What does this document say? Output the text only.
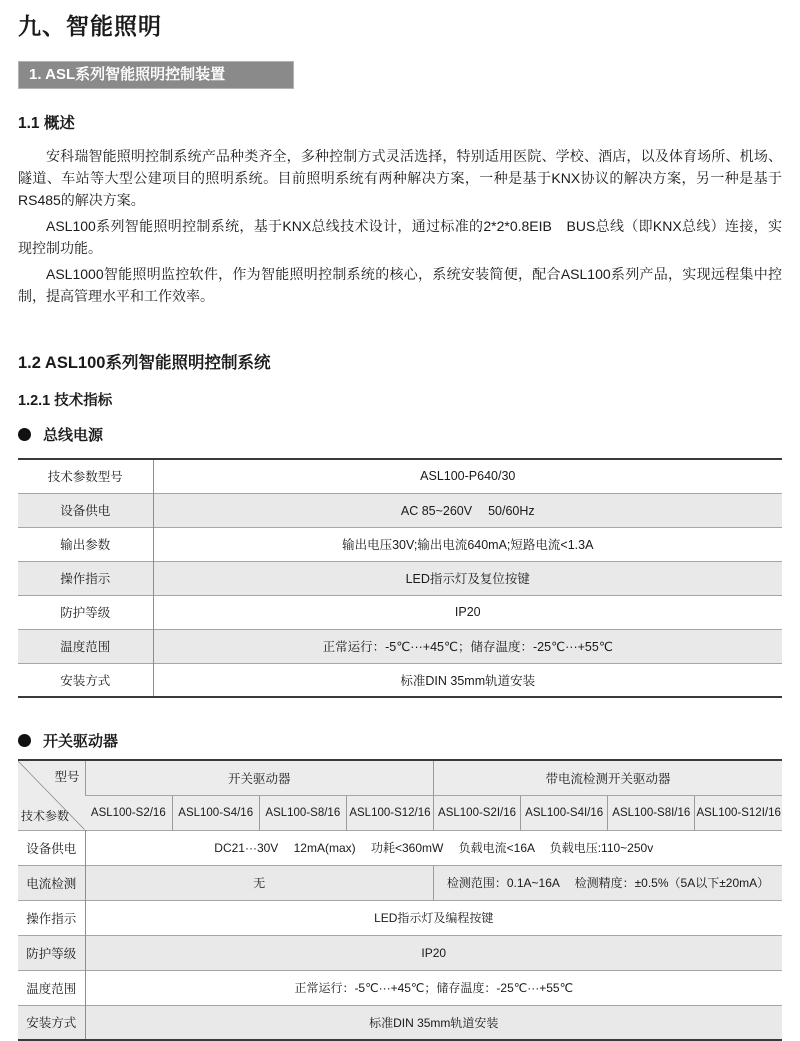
九、智能照明
1. ASL系列智能照明控制装置
1.1 概述

安科瑞智能照明控制系统产品种类齐全，多种控制方式灵活选择，特别适用医院、学校、酒店，以及体育场所、机场、隧道、车站等大型公建项目的照明系统。目前照明系统有两种解决方案，一种是基于KNX协议的解决方案，另一种是基于RS485的解决方案。

ASL100系列智能照明控制系统，基于KNX总线技术设计，通过标准的2*2*0.8EIB　BUS总线（即KNX总线）连接，实现控制功能。

ASL1000智能照明监控软件，作为智能照明控制系统的核心，系统安装简便，配合ASL100系列产品，实现远程集中控制，提高管理水平和工作效率。

1.2 ASL100系列智能照明控制系统
1.2.1 技术指标
总线电源
技术参数型号	ASL100-P640/30
设备供电	AC 85~260V　 50/60Hz
输出参数	输出电压30V;输出电流640mA;短路电流<1.3A
操作指示	LED指示灯及复位按键
防护等级	IP20
温度范围	正常运行：-5℃···+45℃；储存温度：-25℃···+55℃
安装方式	标准DIN 35mm轨道安装
开关驱动器
型号
技术参数	开关驱动器				带电流检测开关驱动器			
	ASL100-S2/16	ASL100-S4/16	ASL100-S8/16	ASL100-S12/16	ASL100-S2I/16	ASL100-S4I/16	ASL100-S8I/16	ASL100-S12I/16
设备供电	DC21···30V　 12mA(max)　 功耗<360mW　 负载电流<16A　 负载电压:110~250v							
电流检测	无				检测范围：0.1A~16A　 检测精度：±0.5%（5A以下±20mA）			
操作指示	LED指示灯及编程按键							
防护等级	IP20							
温度范围	正常运行：-5℃···+45℃；储存温度：-25℃···+55℃							
安装方式	标准DIN 35mm轨道安装							
